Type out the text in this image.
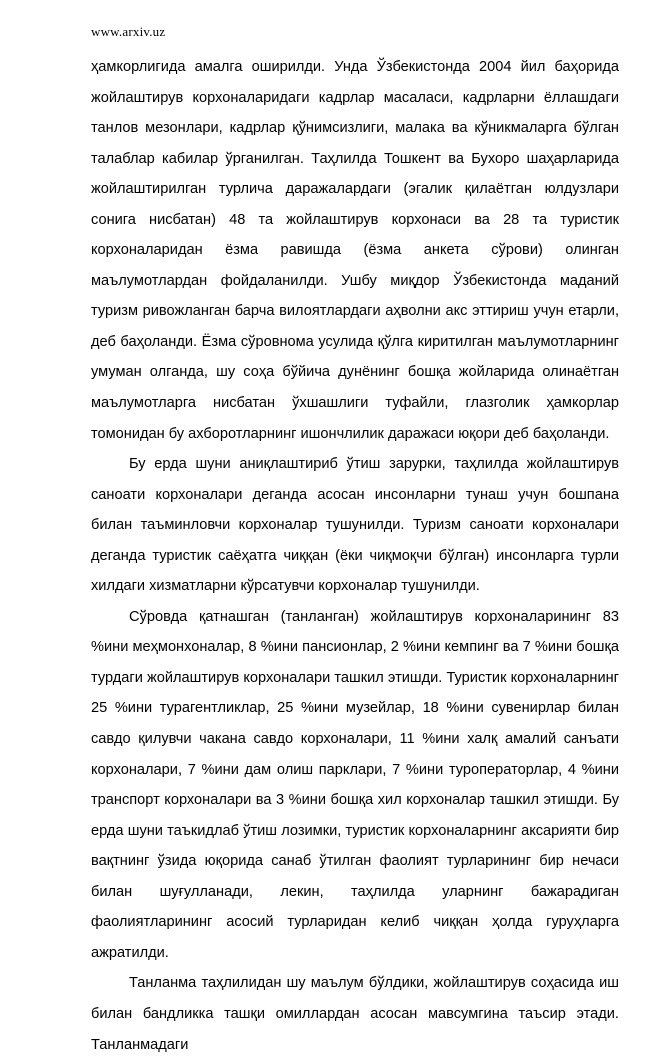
www.arxiv.uz

ҳамкорлигида амалга оширилди. Унда Ўзбекистонда 2004 йил баҳорида жойлаштирув корхоналаридаги кадрлар масаласи, кадрларни ёллашдаги танлов мезонлари, кадрлар қўнимсизлиги, малака ва кўникмаларга бўлган талаблар кабилар ўрганилган. Таҳлилда Тошкент ва Бухоро шаҳарларида жойлаштирилган турлича даражалардаги (эгалик қилаётган юлдузлари сонига нисбатан) 48 та жойлаштирув корхонаси ва 28 та туристик корхоналаридан ёзма равишда (ёзма анкета сўрови) олинган маълумотлардан фойдаланилди. Ушбу миқдор Ўзбекистонда маданий туризм ривожланган барча вилоятлардаги аҳволни акс эттириш учун етарли, деб баҳоланди. Ёзма сўровнома усулида қўлга киритилган маълумотларнинг умуман олганда, шу соҳа бўйича дунёнинг бошқа жойларида олинаётган маълумотларга нисбатан ўхшашлиги туфайли, глазголик ҳамкорлар томонидан бу ахборотларнинг ишончлилик даражаси юқори деб баҳоланди.

Бу ерда шуни аниқлаштириб ўтиш зарурки, таҳлилда жойлаштирув саноати корхоналари деганда асосан инсонларни тунаш учун бошпана билан таъминловчи корхоналар тушунилди. Туризм саноати корхоналари деганда туристик саёҳатга чиққан (ёки чиқмоқчи бўлган) инсонларга турли хилдаги хизматларни кўрсатувчи корхоналар тушунилди.

Сўровда қатнашган (танланган) жойлаштирув корхоналарининг 83 %ини меҳмонхоналар, 8 %ини пансионлар, 2 %ини кемпинг ва 7 %ини бошқа турдаги жойлаштирув корхоналари ташкил этишди. Туристик корхоналарнинг 25 %ини турагентликлар, 25 %ини музейлар, 18 %ини сувенирлар билан савдо қилувчи чакана савдо корхоналари, 11 %ини халқ амалий санъати корхоналари, 7 %ини дам олиш парклари, 7 %ини туроператорлар, 4 %ини транспорт корхоналари ва 3 %ини бошқа хил корхоналар ташкил этишди. Бу ерда шуни таъкидлаб ўтиш лозимки, туристик корхоналарнинг аксарияти бир вақтнинг ўзида юқорида санаб ўтилган фаолият турларининг бир нечаси билан шуғулланади, лекин, таҳлилда уларнинг бажарадиган фаолиятларининг асосий турларидан келиб чиққан ҳолда гуруҳларга ажратилди.

Танланма таҳлилидан шу маълум бўлдики, жойлаштирув соҳасида иш билан бандликка ташқи омиллардан асосан мавсумгина таъсир этади. Танланмадаги
